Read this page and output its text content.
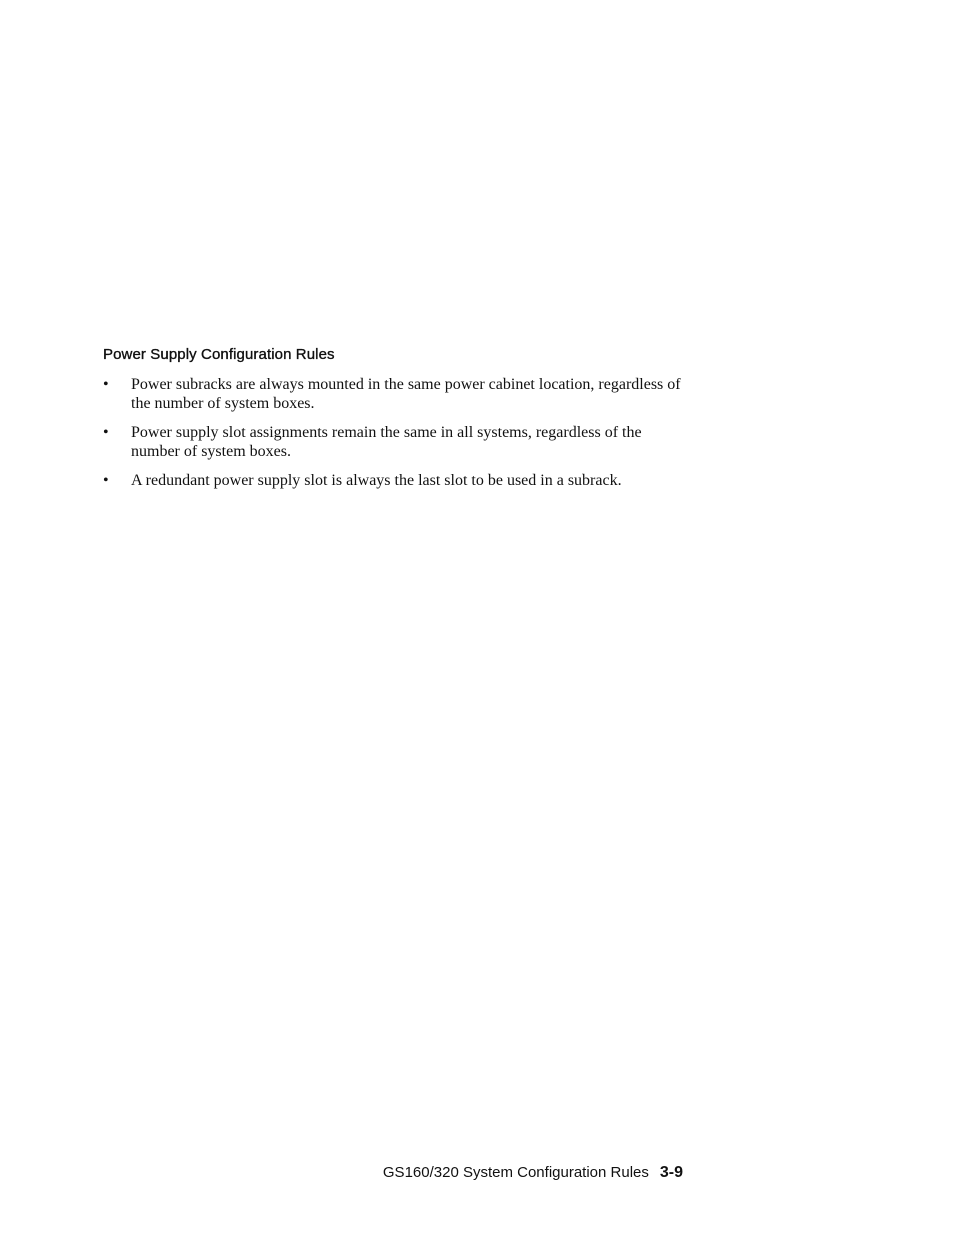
Power Supply Configuration Rules
• Power subracks are always mounted in the same power cabinet location, regardless of the number of system boxes.
• Power supply slot assignments remain the same in all systems, regardless of the number of system boxes.
• A redundant power supply slot is always the last slot to be used in a subrack.
GS160/320 System Configuration Rules 3-9
